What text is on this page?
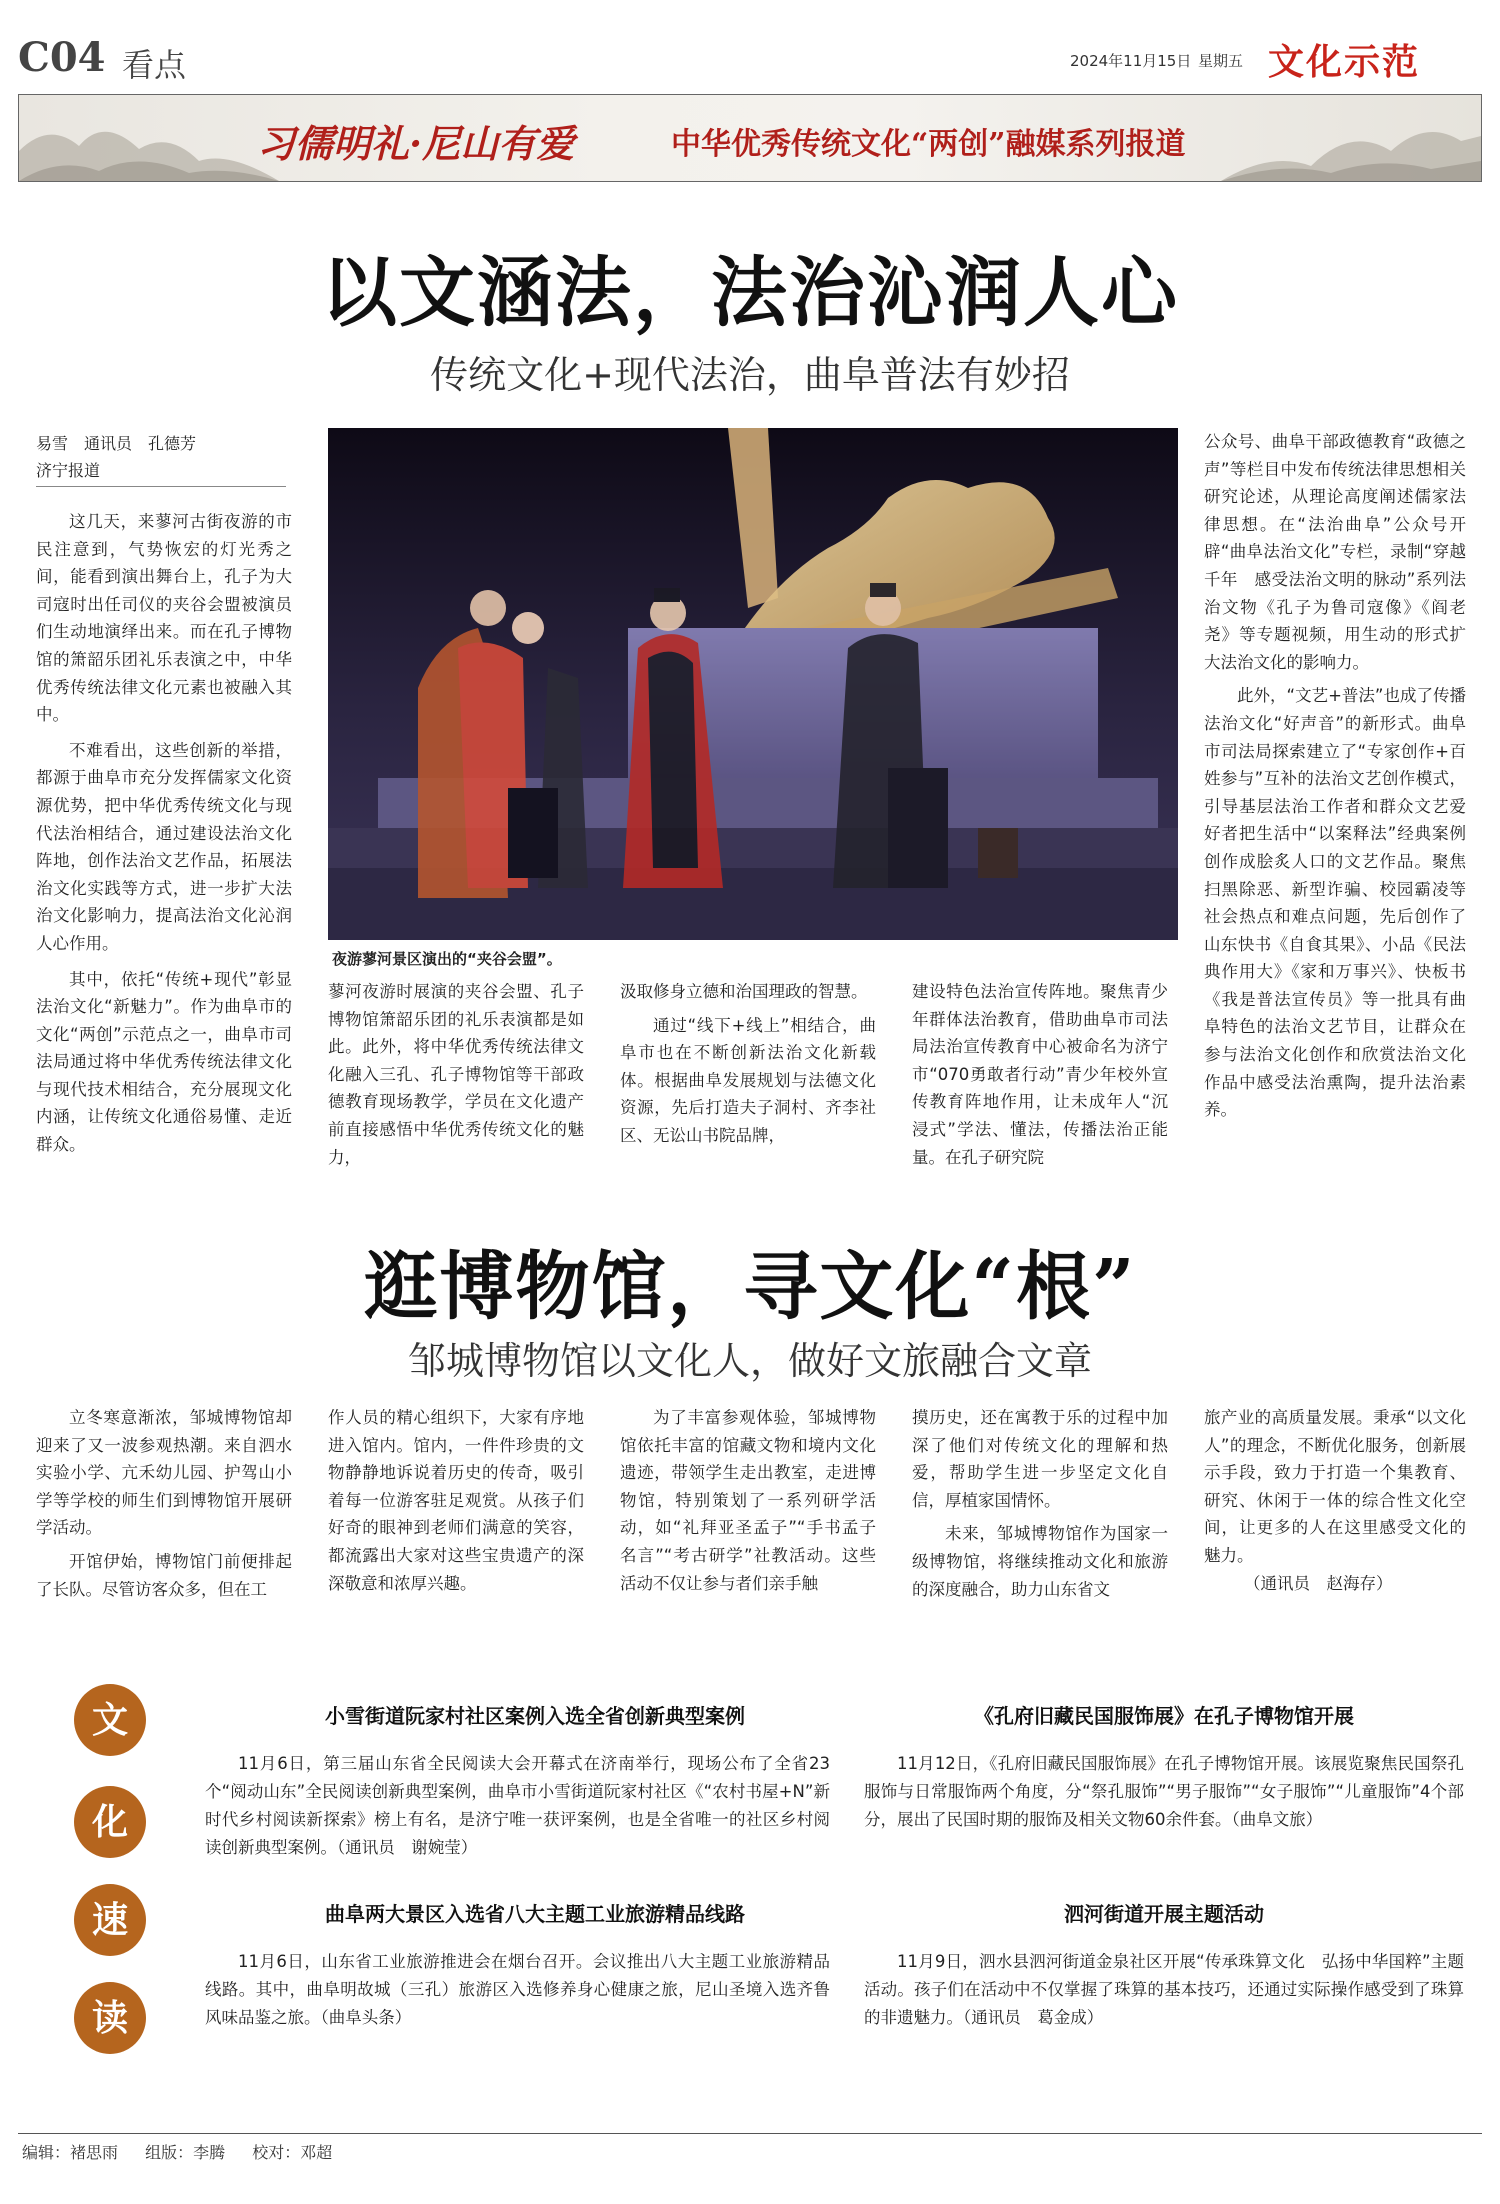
C04 看点	2024年11月15日 星期五 文化示范
习儒明礼·尼山有爱	中华优秀传统文化“两创”融媒系列报道
以文涵法，法治沁润人心
传统文化+现代法治，曲阜普法有妙招
易雪　通讯员　孔德芳
济宁报道

这几天，来蓼河古街夜游的市民注意到，气势恢宏的灯光秀之间，能看到演出舞台上，孔子为大司寇时出任司仪的夹谷会盟被演员们生动地演绎出来。而在孔子博物馆的箫韶乐团礼乐表演之中，中华优秀传统法律文化元素也被融入其中。

不难看出，这些创新的举措，都源于曲阜市充分发挥儒家文化资源优势，把中华优秀传统文化与现代法治相结合，通过建设法治文化阵地，创作法治文艺作品，拓展法治文化实践等方式，进一步扩大法治文化影响力，提高法治文化沁润人心作用。

其中，依托“传统+现代”彰显法治文化“新魅力”。作为曲阜市的文化“两创”示范点之一，曲阜市司法局通过将中华优秀传统法律文化与现代技术相结合，充分展现文化内涵，让传统文化通俗易懂、走近群众。

夜游蓼河景区演出的“夹谷会盟”。

蓼河夜游时展演的夹谷会盟、孔子博物馆箫韶乐团的礼乐表演都是如此。此外，将中华优秀传统法律文化融入三孔、孔子博物馆等干部政德教育现场教学，学员在文化遗产前直接感悟中华优秀传统文化的魅力，

汲取修身立德和治国理政的智慧。

通过“线下+线上”相结合，曲阜市也在不断创新法治文化新载体。根据曲阜发展规划与法德文化资源，先后打造夫子洞村、齐李社区、无讼山书院品牌，

建设特色法治宣传阵地。聚焦青少年群体法治教育，借助曲阜市司法局法治宣传教育中心被命名为济宁市“070勇敢者行动”青少年校外宣传教育阵地作用，让未成年人“沉浸式”学法、懂法，传播法治正能量。在孔子研究院

公众号、曲阜干部政德教育“政德之声”等栏目中发布传统法律思想相关研究论述，从理论高度阐述儒家法律思想。在“法治曲阜”公众号开辟“曲阜法治文化”专栏，录制“穿越千年　感受法治文明的脉动”系列法治文物《孔子为鲁司寇像》《阎老尧》等专题视频，用生动的形式扩大法治文化的影响力。

此外，“文艺+普法”也成了传播法治文化“好声音”的新形式。曲阜市司法局探索建立了“专家创作+百姓参与”互补的法治文艺创作模式，引导基层法治工作者和群众文艺爱好者把生活中“以案释法”经典案例创作成脍炙人口的文艺作品。聚焦扫黑除恶、新型诈骗、校园霸凌等社会热点和难点问题，先后创作了山东快书《自食其果》、小品《民法典作用大》《家和万事兴》、快板书《我是普法宣传员》等一批具有曲阜特色的法治文艺节目，让群众在参与法治文化创作和欣赏法治文化作品中感受法治熏陶，提升法治素养。

逛博物馆，寻文化“根”
邹城博物馆以文化人，做好文旅融合文章

立冬寒意渐浓，邹城博物馆却迎来了又一波参观热潮。来自泗水实验小学、亢禾幼儿园、护驾山小学等学校的师生们到博物馆开展研学活动。

开馆伊始，博物馆门前便排起了长队。尽管访客众多，但在工

作人员的精心组织下，大家有序地进入馆内。馆内，一件件珍贵的文物静静地诉说着历史的传奇，吸引着每一位游客驻足观赏。从孩子们好奇的眼神到老师们满意的笑容，都流露出大家对这些宝贵遗产的深深敬意和浓厚兴趣。

为了丰富参观体验，邹城博物馆依托丰富的馆藏文物和境内文化遗迹，带领学生走出教室，走进博物馆，特别策划了一系列研学活动，如“礼拜亚圣孟子”“手书孟子名言”“考古研学”社教活动。这些活动不仅让参与者们亲手触

摸历史，还在寓教于乐的过程中加深了他们对传统文化的理解和热爱，帮助学生进一步坚定文化自信，厚植家国情怀。

未来，邹城博物馆作为国家一级博物馆，将继续推动文化和旅游的深度融合，助力山东省文

旅产业的高质量发展。秉承“以文化人”的理念，不断优化服务，创新展示手段，致力于打造一个集教育、研究、休闲于一体的综合性文化空间，让更多的人在这里感受文化的魅力。

（通讯员　赵海存）

文
化
速
读
小雪街道阮家村社区案例入选全省创新典型案例

11月6日，第三届山东省全民阅读大会开幕式在济南举行，现场公布了全省23个“阅动山东”全民阅读创新典型案例，曲阜市小雪街道阮家村社区《“农村书屋+N”新时代乡村阅读新探索》榜上有名，是济宁唯一获评案例，也是全省唯一的社区乡村阅读创新典型案例。（通讯员　谢婉莹）

《孔府旧藏民国服饰展》在孔子博物馆开展

11月12日，《孔府旧藏民国服饰展》在孔子博物馆开展。该展览聚焦民国祭孔服饰与日常服饰两个角度，分“祭孔服饰”“男子服饰”“女子服饰”“儿童服饰”4个部分，展出了民国时期的服饰及相关文物60余件套。（曲阜文旅）

曲阜两大景区入选省八大主题工业旅游精品线路

11月6日，山东省工业旅游推进会在烟台召开。会议推出八大主题工业旅游精品线路。其中，曲阜明故城（三孔）旅游区入选修养身心健康之旅，尼山圣境入选齐鲁风味品鉴之旅。（曲阜头条）

泗河街道开展主题活动

11月9日，泗水县泗河街道金泉社区开展“传承珠算文化　弘扬中华国粹”主题活动。孩子们在活动中不仅掌握了珠算的基本技巧，还通过实际操作感受到了珠算的非遗魅力。（通讯员　葛金成）

编辑：褚思雨 组版：李腾 校对：邓超
